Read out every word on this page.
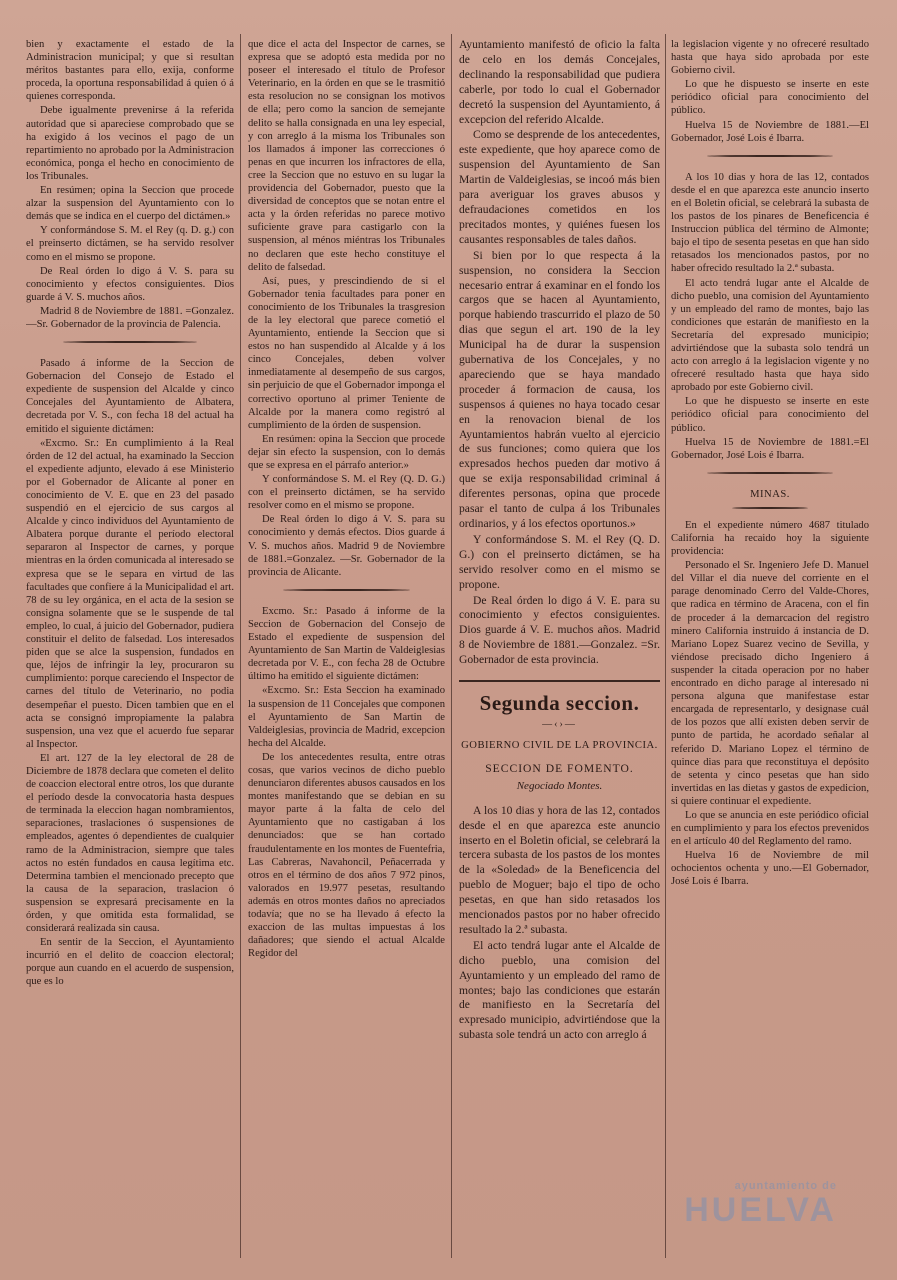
bien y exactamente el estado de la Administracion municipal; y que si resultan méritos bastantes para ello, exija, conforme proceda, la oportuna responsabilidad á quien ó á quienes corresponda.

Debe igualmente prevenirse á la referida autoridad que si apareciese comprobado que se ha exigido á los vecinos el pago de un repartimiento no aprobado por la Administracion económica, ponga el hecho en conocimiento de los Tribunales.

En resúmen; opina la Seccion que procede alzar la suspension del Ayuntamiento con lo demás que se indica en el cuerpo del dictámen.»

Y conformándose S. M. el Rey (q. D. g.) con el preinserto dictámen, se ha servido resolver como en el mismo se propone.

De Real órden lo digo á V. S. para su conocimiento y efectos consiguientes. Dios guarde á V. S. muchos años.

Madrid 8 de Noviembre de 1881. =Gonzalez.—Sr. Gobernador de la provincia de Palencia.

Pasado á informe de la Seccion de Gobernacion del Consejo de Estado el expediente de suspension del Alcalde y cinco Concejales del Ayuntamiento de Albatera, decretada por V. S., con fecha 18 del actual ha emitido el siguiente dictámen:

«Excmo. Sr.: En cumplimiento á la Real órden de 12 del actual, ha examinado la Seccion el expediente adjunto, elevado á ese Ministerio por el Gobernador de Alicante al poner en conocimiento de V. E. que en 23 del pasado suspendió en el ejercicio de sus cargos al Alcalde y cinco individuos del Ayuntamiento de Albatera porque durante el período electoral separaron al Inspector de carnes, y porque mientras en la órden comunicada al interesado se expresa que se le separa en virtud de las facultades que confiere á la Municipalidad el art. 78 de su ley orgánica, en el acta de la sesion se consigna solamente que se le suspende de tal empleo, lo cual, á juicio del Gobernador, pudiera constituir el delito de falsedad. Los interesados piden que se alce la suspension, fundados en que, léjos de infringir la ley, procuraron su cumplimiento: porque careciendo el Inspector de carnes del título de Veterinario, no podia desempeñar el puesto. Dicen tambien que en el acta se consignó impropiamente la palabra suspension, una vez que el acuerdo fue separar al Inspector.

El art. 127 de la ley electoral de 28 de Diciembre de 1878 declara que cometen el delito de coaccion electoral entre otros, los que durante el período desde la convocatoria hasta despues de terminada la eleccion hagan nombramientos, separaciones, traslaciones ó suspensiones de empleados, agentes ó dependientes de cualquier ramo de la Administracion, siempre que tales actos no estén fundados en causa legítima etc. Determina tambien el mencionado precepto que la causa de la separacion, traslacion ó suspension se expresará precisamente en la órden, y que omitida esta formalidad, se considerará realizada sin causa.

En sentir de la Seccion, el Ayuntamiento incurrió en el delito de coaccion electoral; porque aun cuando en el acuerdo de suspension, que es lo

que dice el acta del Inspector de carnes, se expresa que se adoptó esta medida por no poseer el interesado el título de Profesor Veterinario, en la órden en que se le trasmitió esta resolucion no se consignan los motivos de ella; pero como la sancion de semejante delito se halla consignada en una ley especial, y con arreglo á la misma los Tribunales son los llamados á imponer las correcciones ó penas en que incurren los infractores de ella, cree la Seccion que no estuvo en su lugar la providencia del Gobernador, puesto que la diversidad de conceptos que se notan entre el acta y la órden referidas no parece motivo suficiente grave para castigarlo con la suspension, al ménos miéntras los Tribunales no declaren que este hecho constituye el delito de falsedad.

Así, pues, y prescindiendo de si el Gobernador tenia facultades para poner en conocimiento de los Tribunales la trasgresion de la ley electoral que parece cometió el Ayuntamiento, entiende la Seccion que si estos no han suspendido al Alcalde y á los cinco Concejales, deben volver inmediatamente al desempeño de sus cargos, sin perjuicio de que el Gobernador imponga el correctivo oportuno al primer Teniente de Alcalde por la manera como registró al cumplimiento de la órden de suspension.

En resúmen: opina la Seccion que procede dejar sin efecto la suspension, con lo demás que se expresa en el párrafo anterior.»

Y conformándose S. M. el Rey (Q. D. G.) con el preinserto dictámen, se ha servido resolver como en el mismo se propone.

De Real órden lo digo á V. S. para su conocimiento y demás efectos. Dios guarde á V. S. muchos años. Madrid 9 de Noviembre de 1881.=Gonzalez. —Sr. Gobernador de la provincia de Alicante.

Excmo. Sr.: Pasado á informe de la Seccion de Gobernacion del Consejo de Estado el expediente de suspension del Ayuntamiento de San Martin de Valdeiglesias decretada por V. E., con fecha 28 de Octubre último ha emitido el siguiente dictámen:

«Excmo. Sr.: Esta Seccion ha examinado la suspension de 11 Concejales que componen el Ayuntamiento de San Martin de Valdeiglesias, provincia de Madrid, excepcion hecha del Alcalde.

De los antecedentes resulta, entre otras cosas, que varios vecinos de dicho pueblo denunciaron diferentes abusos causados en los montes manifestando que se debian en su mayor parte á la falta de celo del Ayuntamiento que no castigaban á los denunciados: que se han cortado fraudulentamente en los montes de Fuentefria, Las Cabreras, Navahoncil, Peñacerrada y otros en el término de dos años 7 972 pinos, valorados en 19.977 pesetas, resultando además en otros montes daños no apreciados todavía; que no se ha llevado á efecto la exaccion de las multas impuestas á los dañadores; que siendo el actual Alcalde Regidor del

Ayuntamiento manifestó de oficio la falta de celo en los demás Concejales, declinando la responsabilidad que pudiera caberle, por todo lo cual el Gobernador decretó la suspension del Ayuntamiento, á excepcion del referido Alcalde.

Como se desprende de los antecedentes, este expediente, que hoy aparece como de suspension del Ayuntamiento de San Martin de Valdeiglesias, se incoó más bien para averiguar los graves abusos y defraudaciones cometidos en los precitados montes, y quiénes fuesen los causantes responsables de tales daños.

Si bien por lo que respecta á la suspension, no considera la Seccion necesario entrar á examinar en el fondo los cargos que se hacen al Ayuntamiento, porque habiendo trascurrido el plazo de 50 dias que segun el art. 190 de la ley Municipal ha de durar la suspension gubernativa de los Concejales, y no apareciendo que se haya mandado proceder á formacion de causa, los suspensos á quienes no haya tocado cesar en la renovacion bienal de los Ayuntamientos habrán vuelto al ejercicio de sus funciones; como quiera que los expresados hechos pueden dar motivo á que se exija responsabilidad criminal á diferentes personas, opina que procede pasar el tanto de culpa á los Tribunales ordinarios, y á los efectos oportunos.»

Y conformándose S. M. el Rey (Q. D. G.) con el preinserto dictámen, se ha servido resolver como en el mismo se propone.

De Real órden lo digo á V. E. para su conocimiento y efectos consiguientes. Dios guarde á V. E. muchos años. Madrid 8 de Noviembre de 1881.—Gonzalez. =Sr. Gobernador de esta provincia.

Segunda seccion.
—‹›—

GOBIERNO CIVIL DE LA PROVINCIA.

SECCION DE FOMENTO.

Negociado Montes.

A los 10 dias y hora de las 12, contados desde el en que aparezca este anuncio inserto en el Boletin oficial, se celebrará la tercera subasta de los pastos de los montes de la «Soledad» de la Beneficencia del pueblo de Moguer; bajo el tipo de ocho pesetas, en que han sido retasados los mencionados pastos por no haber ofrecido resultado la 2.ª subasta.

El acto tendrá lugar ante el Alcalde de dicho pueblo, una comision del Ayuntamiento y un empleado del ramo de montes; bajo las condiciones que estarán de manifiesto en la Secretaría del expresado municipio, advirtiéndose que la subasta sole tendrá un acto con arreglo á

la legislacion vigente y no ofreceré resultado hasta que haya sido aprobada por este Gobierno civil.

Lo que he dispuesto se inserte en este periódico oficial para conocimiento del público.

Huelva 15 de Noviembre de 1881.—El Gobernador, José Lois é Ibarra.

A los 10 dias y hora de las 12, contados desde el en que aparezca este anuncio inserto en el Boletin oficial, se celebrará la subasta de los pastos de los pinares de Beneficencia é Instruccion pública del término de Almonte; bajo el tipo de sesenta pesetas en que han sido retasados los mencionados pastos, por no haber ofrecido resultado la 2.ª subasta.

El acto tendrá lugar ante el Alcalde de dicho pueblo, una comision del Ayuntamiento y un empleado del ramo de montes, bajo las condiciones que estarán de manifiesto en la Secretaría del expresado municipio; advirtiéndose que la subasta solo tendrá un acto con arreglo á la legislacion vigente y no ofreceré resultado hasta que haya sido aprobado por este Gobierno civil.

Lo que he dispuesto se inserte en este periódico oficial para conocimiento del público.

Huelva 15 de Noviembre de 1881.=El Gobernador, José Lois é Ibarra.

MINAS.

En el expediente número 4687 titulado California ha recaido hoy la siguiente providencia:

Personado el Sr. Ingeniero Jefe D. Manuel del Villar el dia nueve del corriente en el parage denominado Cerro del Valde-Chores, que radica en término de Aracena, con el fin de proceder á la demarcacion del registro minero California instruido á instancia de D. Mariano Lopez Suarez vecino de Sevilla, y viéndose precisado dicho Ingeniero á suspender la citada operacion por no haber encontrado en dicho parage al interesado ni persona alguna que manifestase estar encargada de representarlo, y designase cuál de los pozos que allí existen deben servir de punto de partida, he acordado señalar al referido D. Mariano Lopez el término de quince dias para que reconstituya el depósito de setenta y cinco pesetas que han sido invertidas en las dietas y gastos de expedicion, si quiere continuar el expediente.

Lo que se anuncia en este periódico oficial en cumplimiento y para los efectos prevenidos en el artículo 40 del Reglamento del ramo.

Huelva 16 de Noviembre de mil ochocientos ochenta y uno.—El Gobernador, José Lois é Ibarra.

ayuntamiento de
HUELVA
